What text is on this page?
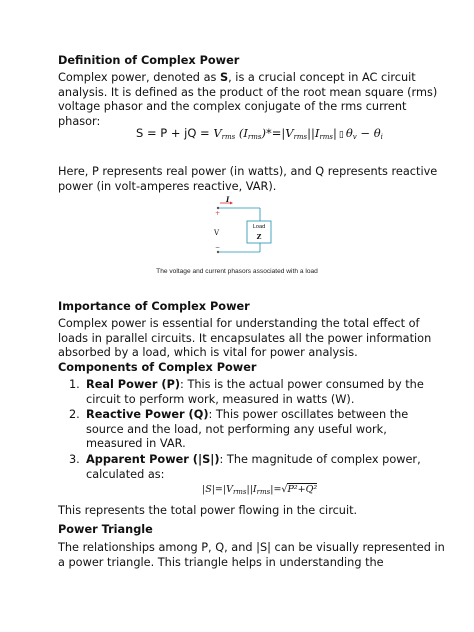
Definition of Complex Power
Complex power, denoted as S, is a crucial concept in AC circuit
analysis. It is defined as the product of the root mean square (rms)
voltage phasor and the complex conjugate of the rms current
phasor:
S = P + jQ = $V_{rms}$ $(I_{rms})*=|V_{rms}||I_{rms}|$ ▯ $\theta_v - \theta_i$
Here, P represents real power (in watts), and Q represents reactive
power (in volt-amperes reactive, VAR).
I
+
−
V
Load
Z
The voltage and current phasors associated with a load
Importance of Complex Power
Complex power is essential for understanding the total effect of
loads in parallel circuits. It encapsulates all the power information
absorbed by a load, which is vital for power analysis.
Components of Complex Power
1. Real Power (P): This is the actual power consumed by the
circuit to perform work, measured in watts (W).
2. Reactive Power (Q): This power oscillates between the
source and the load, not performing any useful work,
measured in VAR.
3. Apparent Power (|S|): The magnitude of complex power,
calculated as:
$|S|=|V_{rms}||I_{rms}|=√P^2+Q^2$
This represents the total power flowing in the circuit.
Power Triangle
The relationships among P, Q, and |S| can be visually represented in
a power triangle. This triangle helps in understanding the
